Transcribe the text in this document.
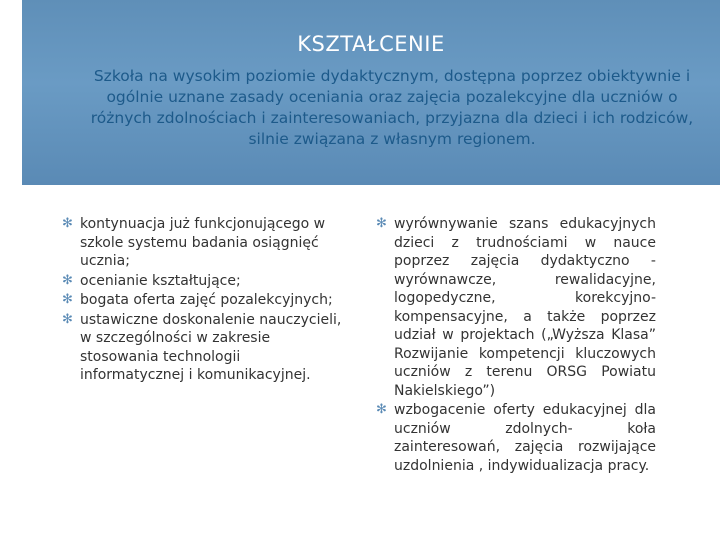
KSZTAŁCENIE
Szkoła na wysokim poziomie dydaktycznym, dostępna poprzez obiektywnie i ogólnie uznane zasady oceniania oraz zajęcia pozalekcyjne dla uczniów o różnych zdolnościach i zainteresowaniach, przyjazna dla dzieci i ich rodziców, silnie związana z własnym regionem.
✻ kontynuacja już funkcjonującego w szkole systemu badania osiągnięć ucznia;
✻ ocenianie kształtujące;
✻ bogata oferta zajęć pozalekcyjnych;
✻ ustawiczne doskonalenie nauczycieli, w szczególności w zakresie stosowania technologii informatycznej i komunikacyjnej.
✻ wyrównywanie szans edukacyjnych dzieci z trudnościami w nauce poprzez zajęcia dydaktyczno - wyrównawcze, rewalidacyjne, logopedyczne, korekcyjno-kompensacyjne, a także poprzez udział w projektach („Wyższa Klasa” Rozwijanie kompetencji kluczowych uczniów z terenu ORSG Powiatu Nakielskiego”)
✻ wzbogacenie oferty edukacyjnej dla uczniów zdolnych- koła zainteresowań, zajęcia rozwijające uzdolnienia , indywidualizacja pracy.
